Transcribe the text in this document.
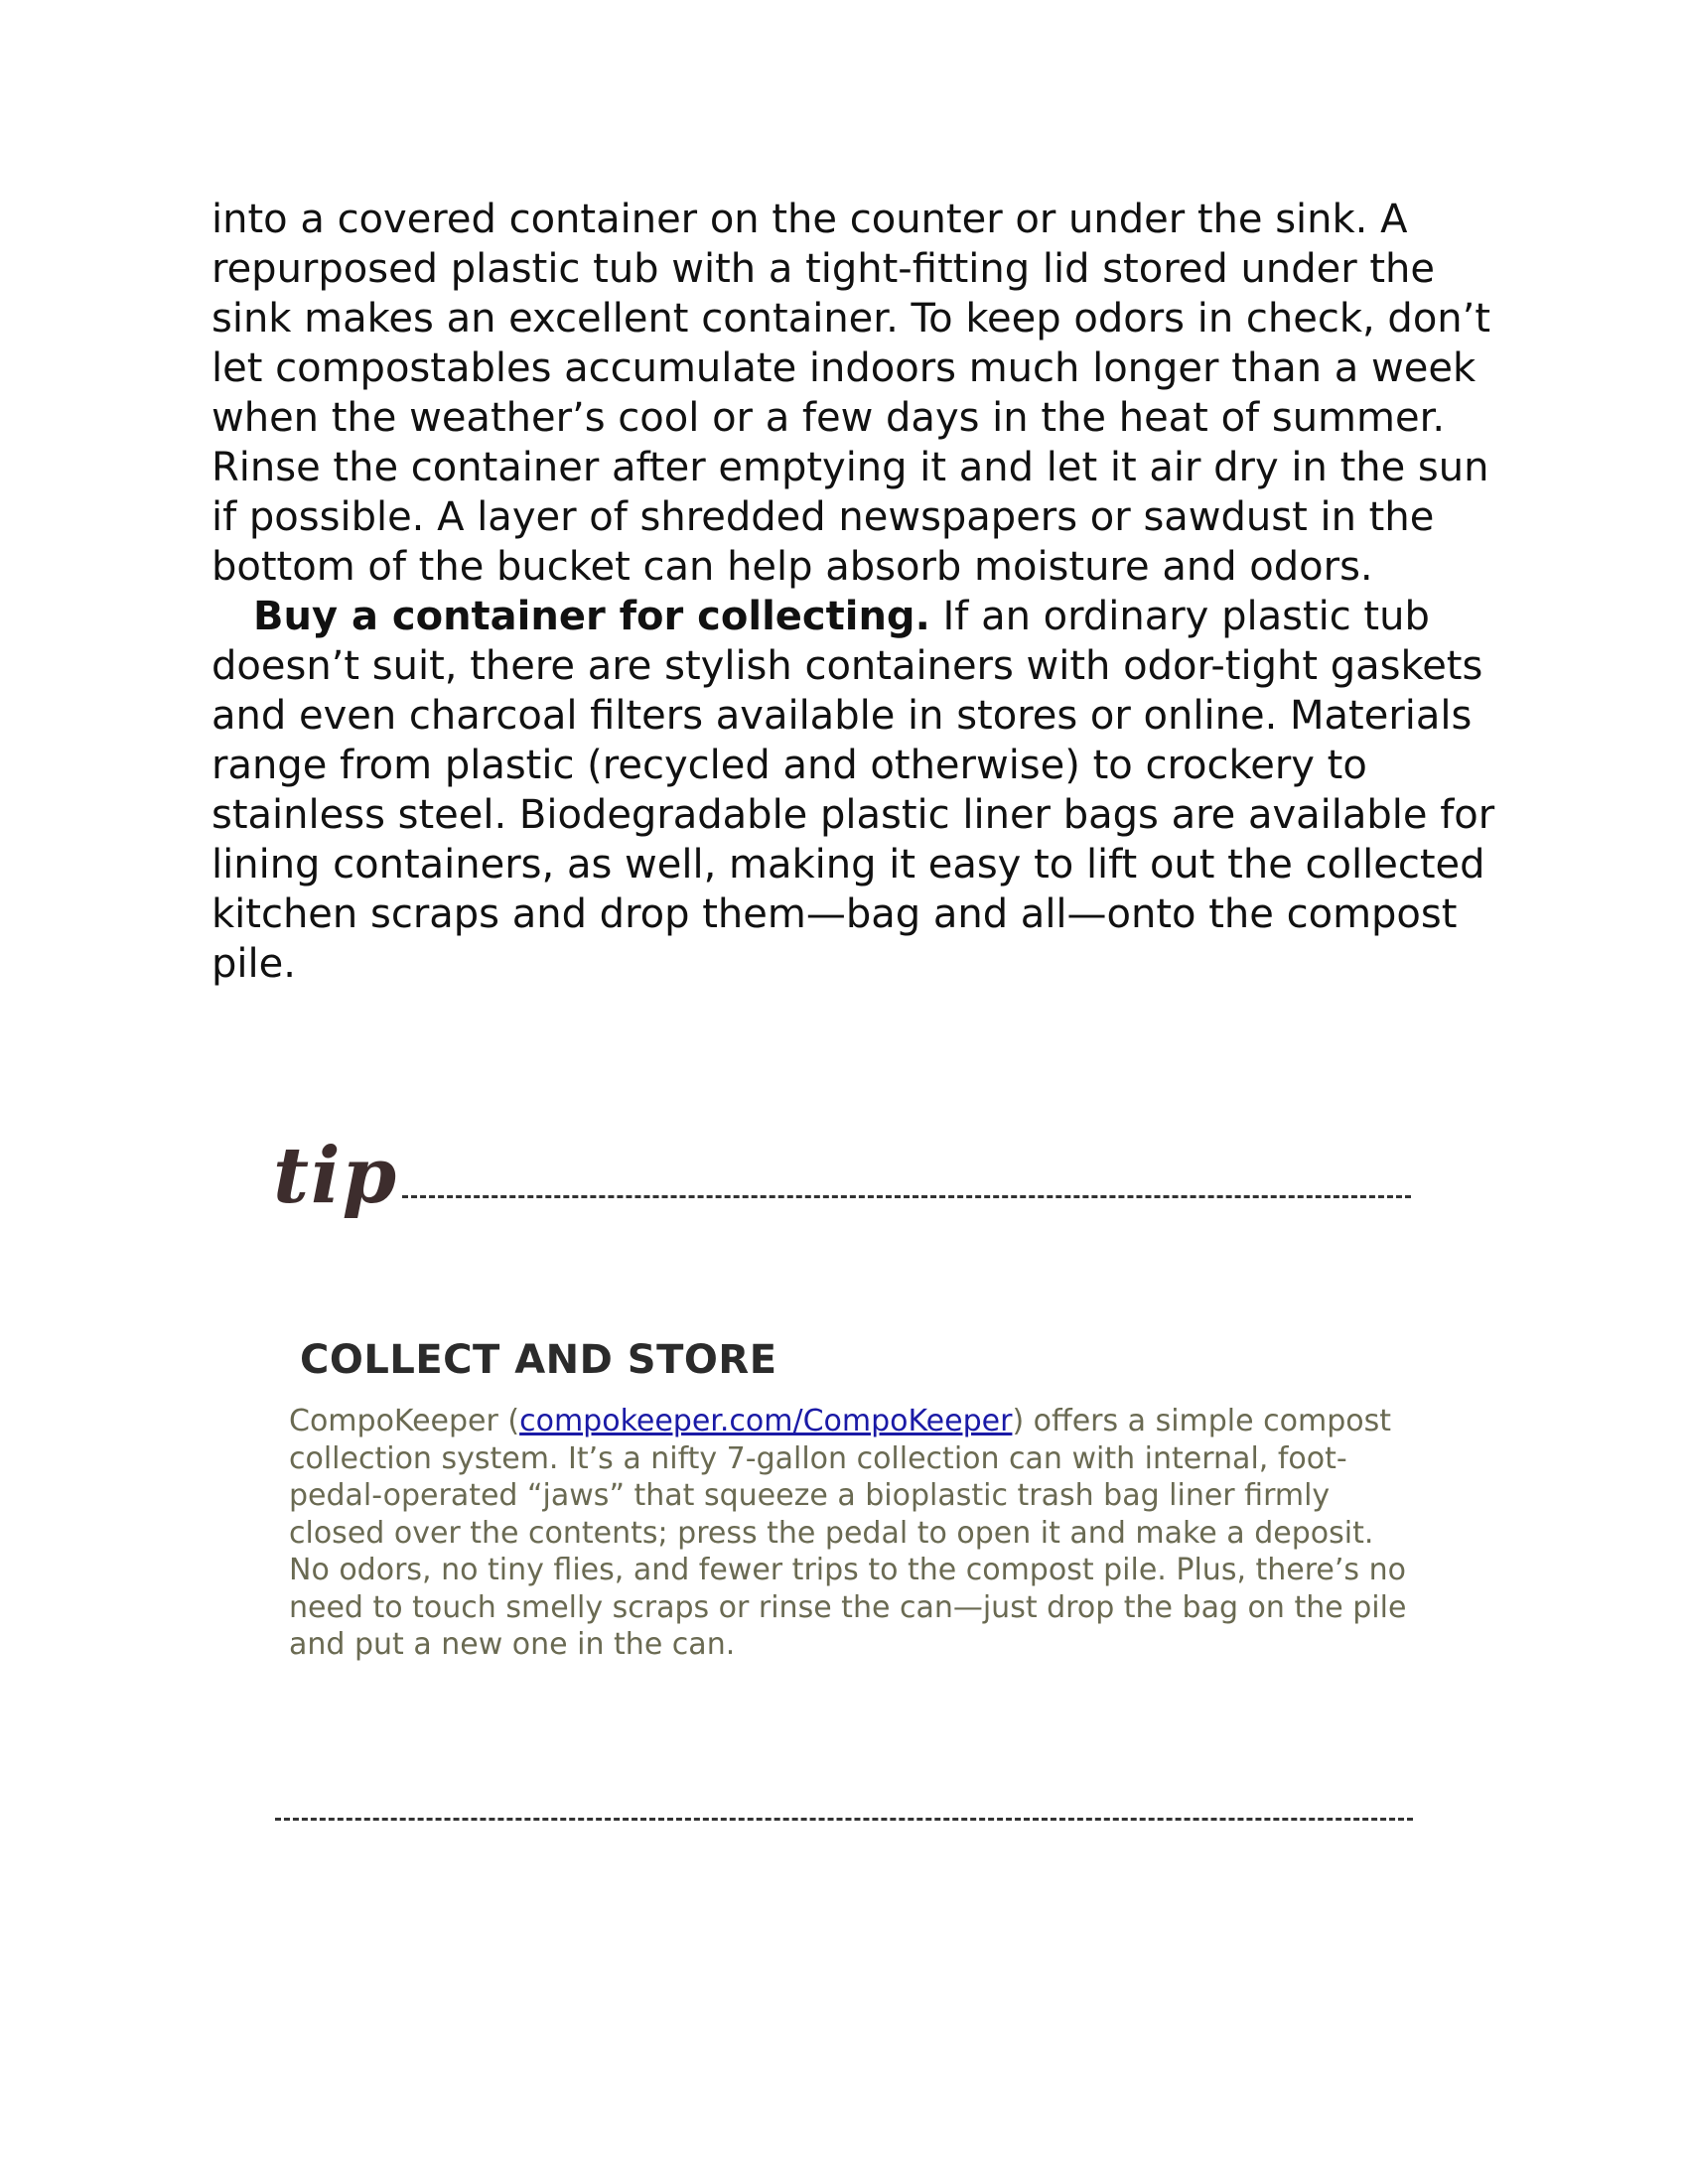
into a covered container on the counter or under the sink. A repurposed plastic tub with a tight-fitting lid stored under the sink makes an excellent container. To keep odors in check, don’t let compostables accumulate indoors much longer than a week when the weather’s cool or a few days in the heat of summer. Rinse the container after emptying it and let it air dry in the sun if possible. A layer of shredded newspapers or sawdust in the bottom of the bucket can help absorb moisture and odors.

Buy a container for collecting. If an ordinary plastic tub doesn’t suit, there are stylish containers with odor-tight gaskets and even charcoal filters available in stores or online. Materials range from plastic (recycled and otherwise) to crockery to stainless steel. Biodegradable plastic liner bags are available for lining containers, as well, making it easy to lift out the collected kitchen scraps and drop them—bag and all—onto the compost pile.

tip
COLLECT AND STORE

CompoKeeper (compokeeper.com/CompoKeeper) offers a simple compost collection system. It’s a nifty 7-gallon collection can with internal, foot-pedal-operated “jaws” that squeeze a bioplastic trash bag liner firmly closed over the contents; press the pedal to open it and make a deposit. No odors, no tiny flies, and fewer trips to the compost pile. Plus, there’s no need to touch smelly scraps or rinse the can—just drop the bag on the pile and put a new one in the can.
